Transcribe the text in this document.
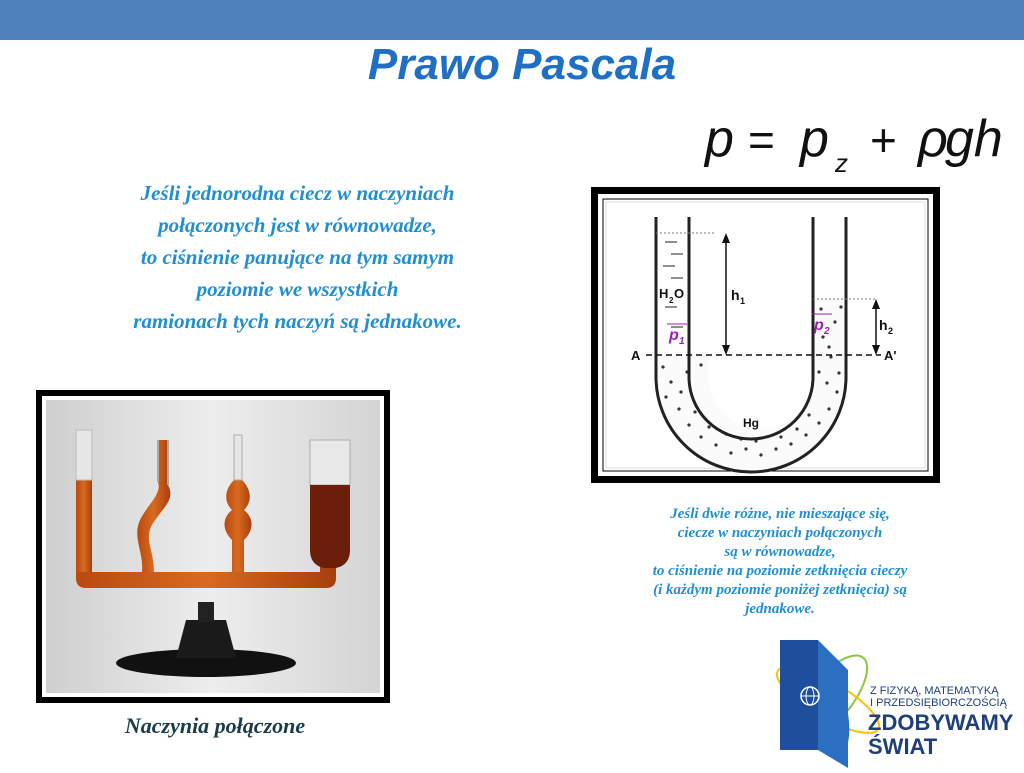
Prawo Pascala
p = p z + ρ
gh
Jeśli jednorodna ciecz w naczyniach
połączonych jest w równowadze,
to ciśnienie panujące na tym samym
poziomie we wszystkich
ramionach tych naczyń są jednakowe.
A	A'
h 1
h 2
H 2 O
Hg
p 1
p 2
Jeśli dwie różne, nie mieszające się,
ciecze w naczyniach połączonych
są w równowadze,
to ciśnienie na poziomie zetknięcia cieczy
(i każdym poziomie poniżej zetknięcia) są
jednakowe.
Naczynia połączone
Z FIZYKĄ, MATEMATYKĄ
I PRZEDSIĘBIORCZOŚCIĄ
ZDOBYWAMY
ŚWIAT
